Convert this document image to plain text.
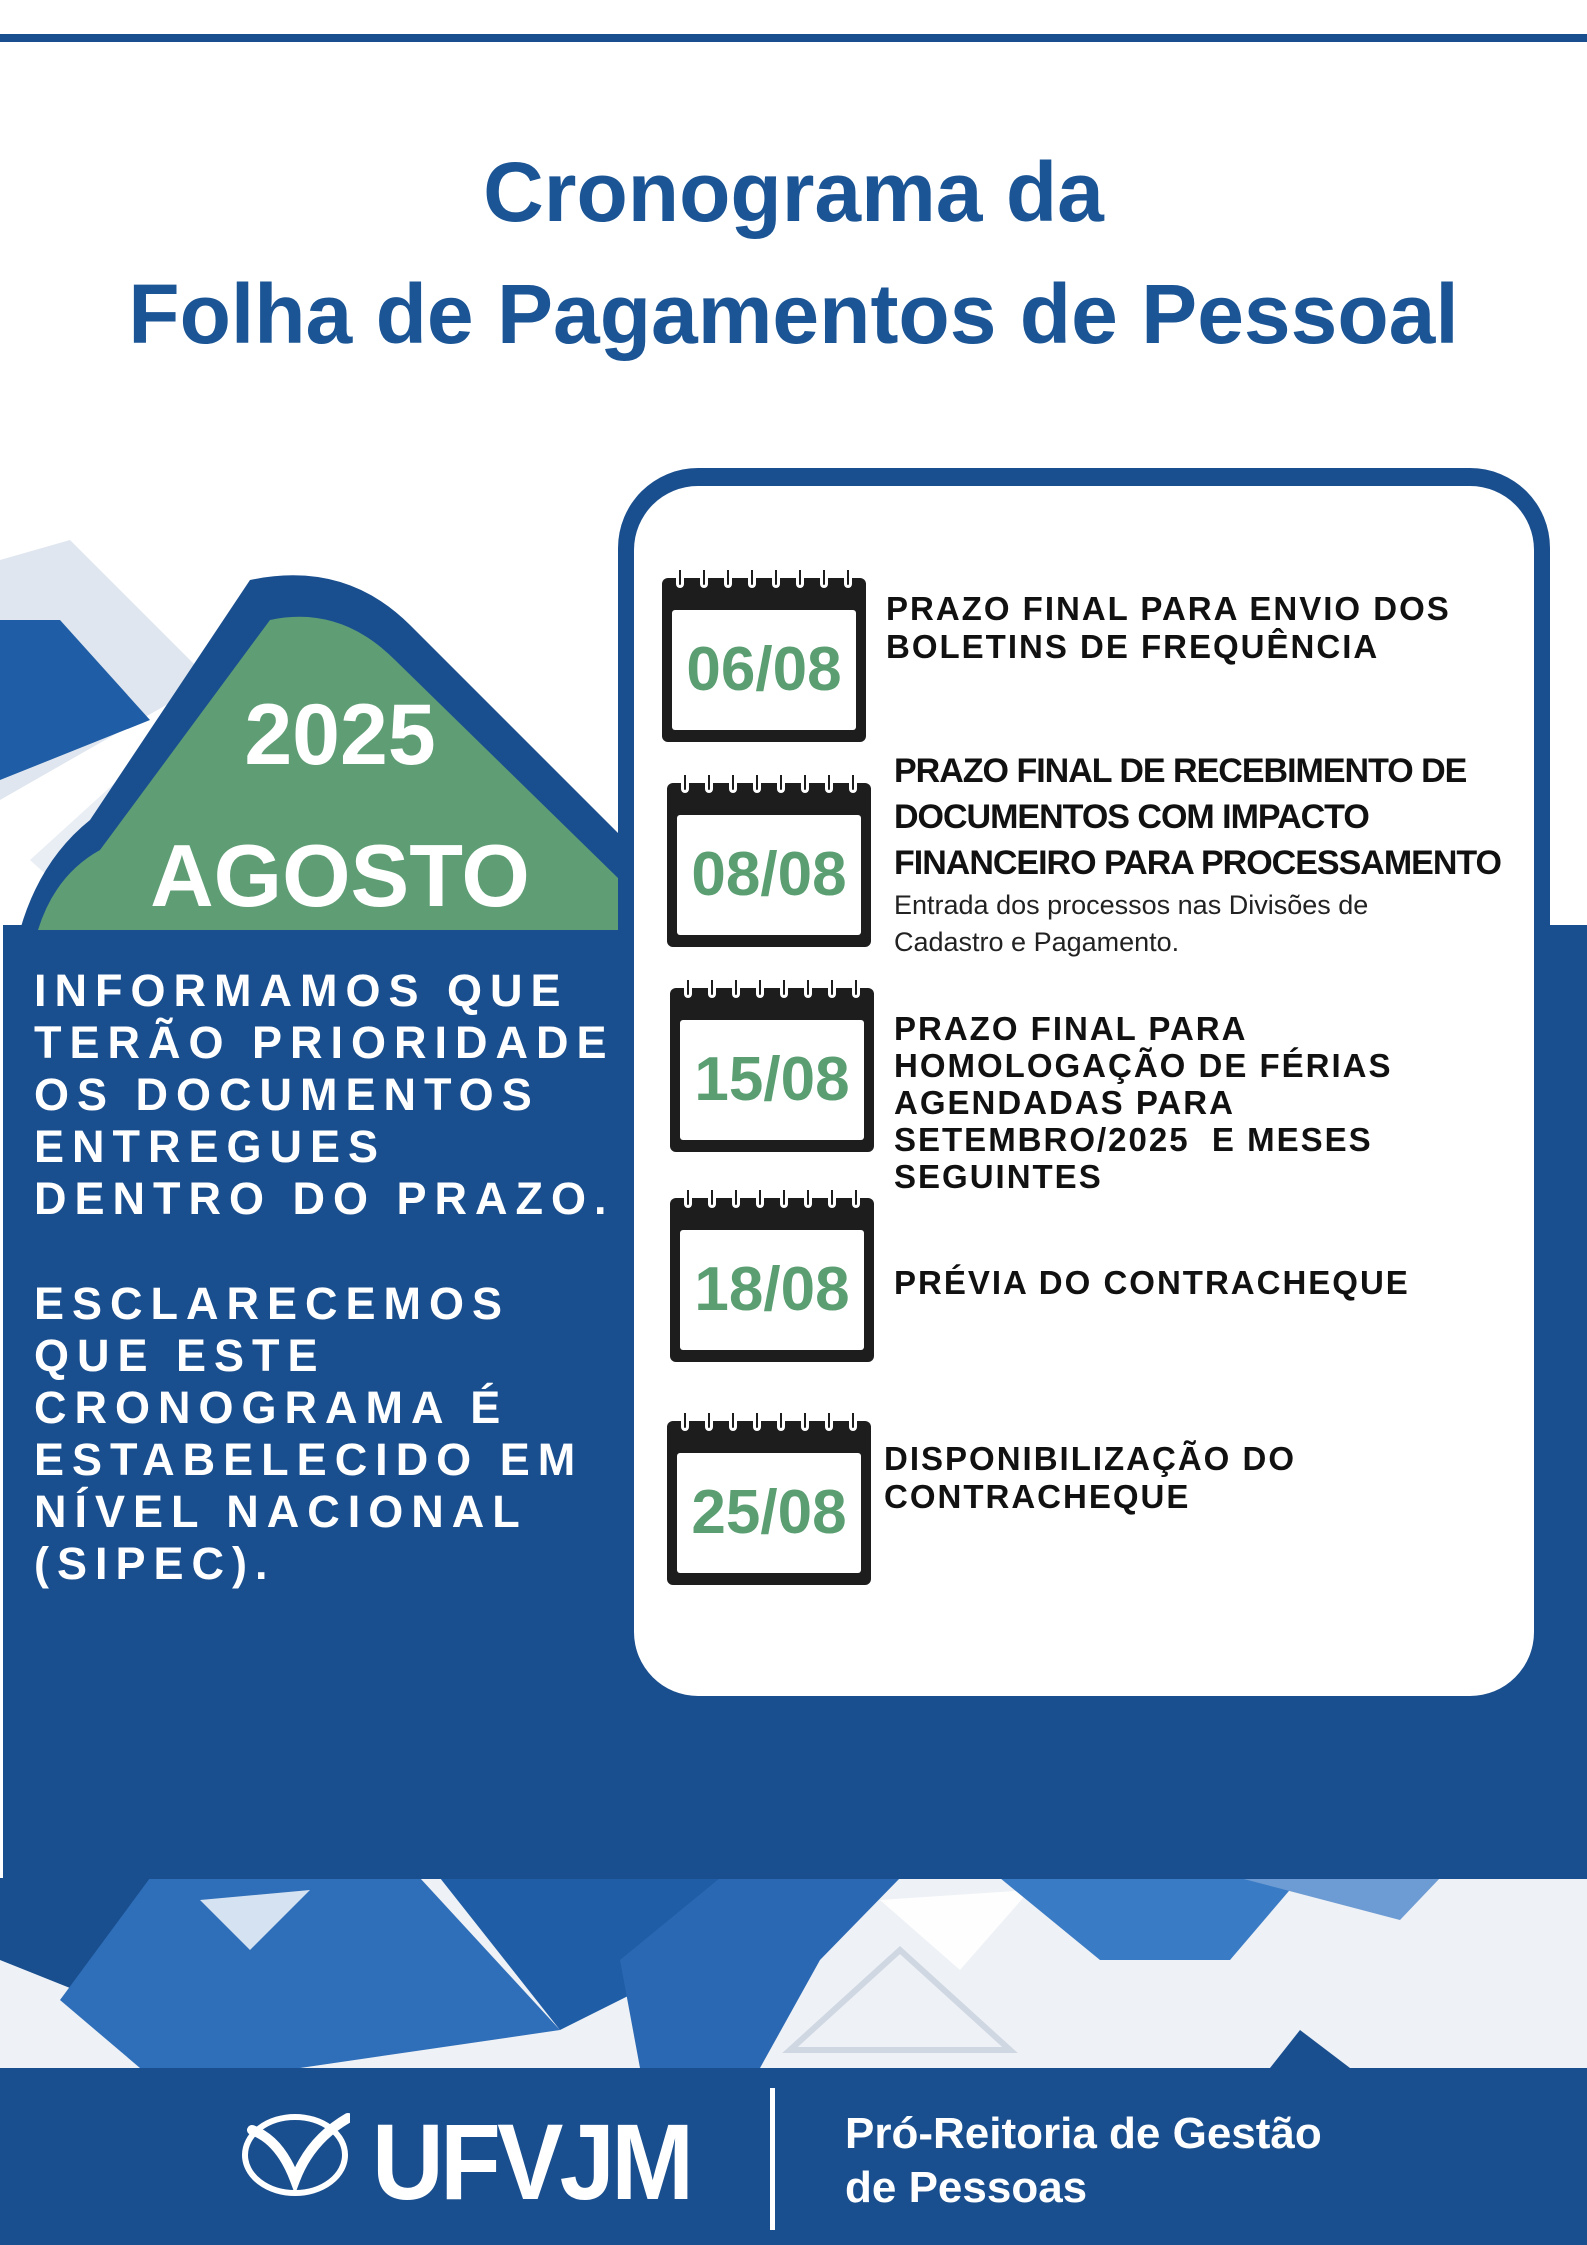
Cronograma da
Folha de Pagamentos de Pessoal
2025
AGOSTO
INFORMAMOS QUE
TERÃO PRIORIDADE
OS DOCUMENTOS
ENTREGUES
DENTRO DO PRAZO.
ESCLARECEMOS
QUE ESTE
CRONOGRAMA É
ESTABELECIDO EM
NÍVEL NACIONAL
(SIPEC).
06/08
PRAZO FINAL PARA ENVIO DOS
BOLETINS DE FREQUÊNCIA
08/08
PRAZO FINAL DE RECEBIMENTO DE
DOCUMENTOS COM IMPACTO
FINANCEIRO PARA PROCESSAMENTO
Entrada dos processos nas Divisões de
Cadastro e Pagamento.
15/08
PRAZO FINAL PARA
HOMOLOGAÇÃO DE FÉRIAS
AGENDADAS PARA
SETEMBRO/2025  E MESES
SEGUINTES
18/08	PRÉVIA DO CONTRACHEQUE
25/08
DISPONIBILIZAÇÃO DO
CONTRACHEQUE
UFVJM	Pró-Reitoria de Gestão
de Pessoas
